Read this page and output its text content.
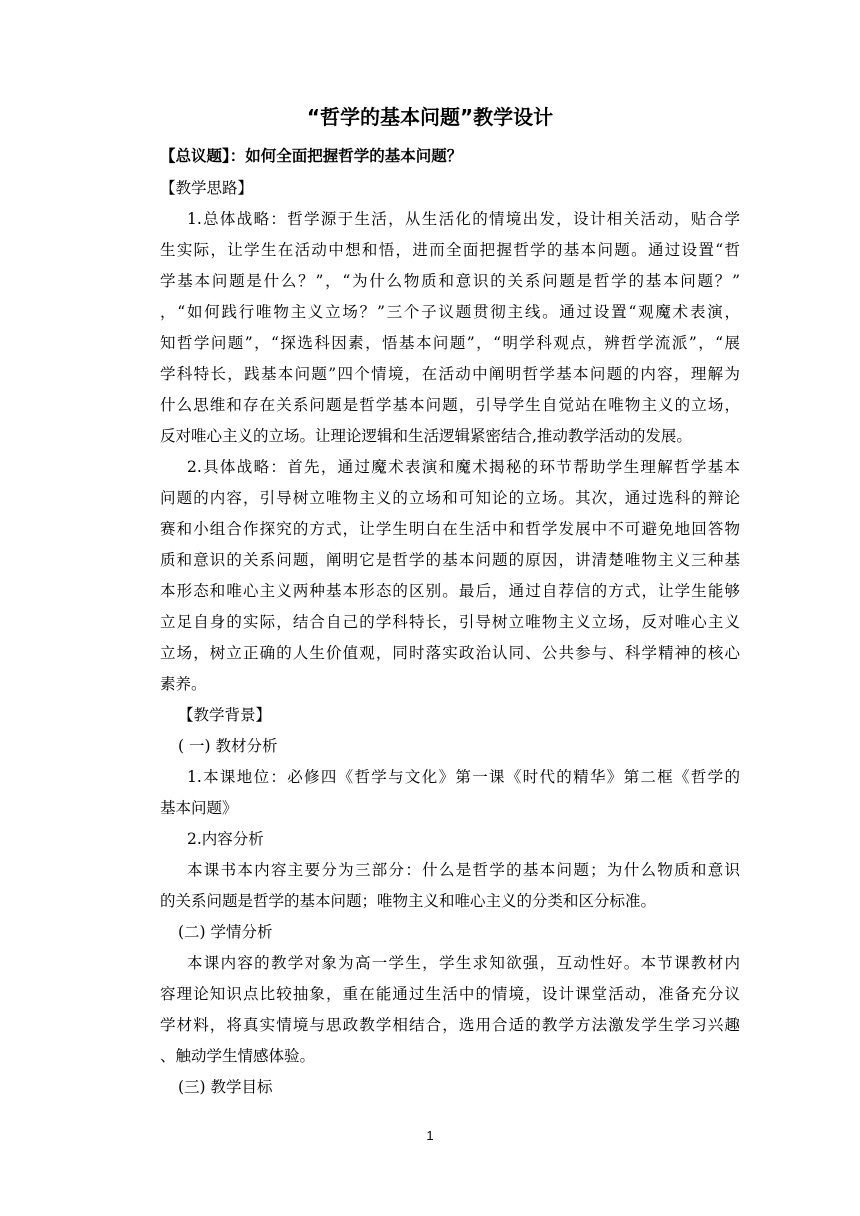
“哲学的基本问题”教学设计
【总议题】：如何全面把握哲学的基本问题？
【教学思路】
1.总体战略：哲学源于生活，从生活化的情境出发，设计相关活动，贴合学
生实际，让学生在活动中想和悟，进而全面把握哲学的基本问题。通过设置“哲
学基本问题是什么？”，“为什么物质和意识的关系问题是哲学的基本问题？”
，“如何践行唯物主义立场？”三个子议题贯彻主线。通过设置“观魔术表演，
知哲学问题”，“探选科因素，悟基本问题”，“明学科观点，辨哲学流派”，“展
学科特长，践基本问题”四个情境，在活动中阐明哲学基本问题的内容，理解为
什么思维和存在关系问题是哲学基本问题，引导学生自觉站在唯物主义的立场，
反对唯心主义的立场。让理论逻辑和生活逻辑紧密结合,推动教学活动的发展。
2.具体战略：首先，通过魔术表演和魔术揭秘的环节帮助学生理解哲学基本
问题的内容，引导树立唯物主义的立场和可知论的立场。其次，通过选科的辩论
赛和小组合作探究的方式，让学生明白在生活中和哲学发展中不可避免地回答物
质和意识的关系问题，阐明它是哲学的基本问题的原因，讲清楚唯物主义三种基
本形态和唯心主义两种基本形态的区别。最后，通过自荐信的方式，让学生能够
立足自身的实际，结合自己的学科特长，引导树立唯物主义立场，反对唯心主义
立场，树立正确的人生价值观，同时落实政治认同、公共参与、科学精神的核心
素养。
【教学背景】
( 一) 教材分析
1.本课地位：必修四《哲学与文化》第一课《时代的精华》第二框《哲学的
基本问题》
2.内容分析
本课书本内容主要分为三部分：什么是哲学的基本问题；为什么物质和意识
的关系问题是哲学的基本问题；唯物主义和唯心主义的分类和区分标准。
(二) 学情分析
本课内容的教学对象为高一学生，学生求知欲强，互动性好。本节课教材内
容理论知识点比较抽象，重在能通过生活中的情境，设计课堂活动，准备充分议
学材料，将真实情境与思政教学相结合，选用合适的教学方法激发学生学习兴趣
、触动学生情感体验。
(三) 教学目标
1
